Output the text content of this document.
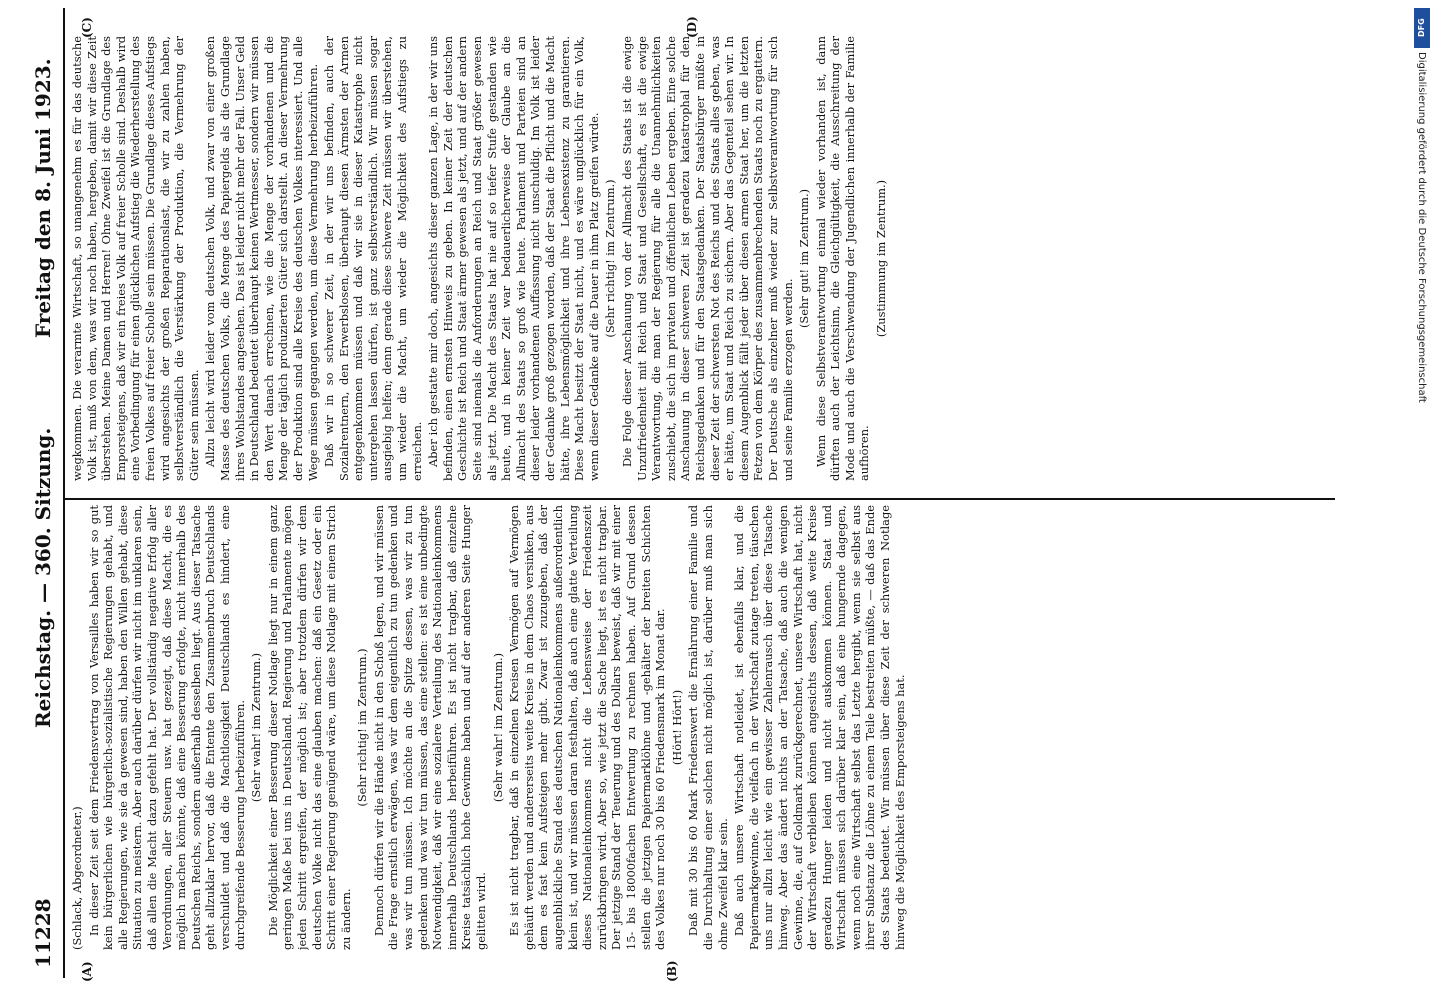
11228
Reichstag. — 360. Sitzung.
Freitag den 8. Juni 1923.
(A)	(B)
(C)	(D)

(Schlack, Abgeordneter.) In dieser Zeit seit dem Friedensvertrag von Versailles haben wir so gut kein bürgerlichen wie bürgerlich-sozialistische Regierungen gehabt, und alle Regierungen, wie sie da gewesen sind, haben den Willen gehabt, diese Situation zu meistern. Aber auch darüber dürfen wir nicht im unklaren sein, daß allen die Macht dazu gefehlt hat. Der vollständig negative Erfolg aller Verordnungen, aller Steuern usw. hat gezeigt, daß diese Macht, die es möglich machen könnte, daß eine Besserung erfolgte, nicht innerhalb des Deutschen Reichs, sondern außerhalb desselben liegt. Aus dieser Tatsache geht allzuklar hervor, daß die Entente den Zusammenbruch Deutschlands verschuldet und daß die Machtlosigkeit Deutschlands es hindert, eine durchgreifende Besserung herbeizuführen. (Sehr wahr! im Zentrum.) Die Möglichkeit einer Besserung dieser Notlage liegt nur in einem ganz geringen Maße bei uns in Deutschland. Regierung und Parlamente mögen jeden Schritt ergreifen, der möglich ist; aber trotzdem dürfen wir dem deutschen Volke nicht das eine glauben machen: daß ein Gesetz oder ein Schritt einer Regierung genügend wäre, um diese Notlage mit einem Strich zu ändern.

(Sehr richtig! im Zentrum.) Dennoch dürfen wir die Hände nicht in den Schoß legen, und wir müssen die Frage ernstlich erwägen, was wir dem eigentlich zu tun gedenken und was wir tun müssen. Ich möchte an die Spitze dessen, was wir zu tun gedenken und was wir tun müssen, das eine stellen: es ist eine unbedingte Notwendigkeit, daß wir eine sozialere Verteilung des Nationaleinkommens innerhalb Deutschlands herbeiführen. Es ist nicht tragbar, daß einzelne Kreise tatsächlich hohe Gewinne haben und auf der anderen Seite Hunger gelitten wird.

(Sehr wahr! im Zentrum.) Es ist nicht tragbar, daß in einzelnen Kreisen Vermögen auf Vermögen gehäuft werden und andererseits weite Kreise in dem Chaos versinken, aus dem es fast kein Aufsteigen mehr gibt. Zwar ist zuzugeben, daß der augenblickliche Stand des deutschen Nationaleinkommens außerordentlich klein ist, und wir müssen daran festhalten, daß auch eine glatte Verteilung dieses Nationaleinkommens nicht die Lebensweise der Friedenszeit zurückbringen wird. Aber so, wie jetzt die Sache liegt, ist es nicht tragbar. Der jetzige Stand der Teuerung und des Dollars beweist, daß wir mit einer 15- bis 18000fachen Entwertung zu rechnen haben. Auf Grund dessen stellen die jetzigen Papiermarklöhne und -gehälter der breiten Schichten des Volkes nur noch 30 bis 60 Friedensmark im Monat dar. (Hört! Hört!) Daß mit 30 bis 60 Mark Friedenswert die Ernährung einer Familie und die Durchhaltung einer solchen nicht möglich ist, darüber muß man sich ohne Zweifel klar sein. Daß auch unsere Wirtschaft notleidet, ist ebenfalls klar, und die Papiermarkgewinne, die vielfach in der Wirtschaft zutage treten, täuschen uns nur allzu leicht wie ein gewisser Zahlenrausch über diese Tatsache hinweg. Aber das ändert nichts an der Tatsache, daß auch die wenigen Gewinne, die, auf Goldmark zurückgerechnet, unsere Wirtschaft hat, nicht der Wirtschaft verbleiben können angesichts dessen, daß weite Kreise geradezu Hunger leiden und nicht auskommen können. Staat und Wirtschaft müssen sich darüber klar sein, daß eine hungernde dagegen, wenn noch eine Wirtschaft selbst das Letzte hergibt, wenn sie selbst aus ihrer Substanz die Löhne zu einem Teile bestreiten müßte, — daß das Ende des Staats bedeutet. Wir müssen über diese Zeit der schweren Notlage hinweg die Möglichkeit des Emporsteigens hat.

wegkommen. Die verarmte Wirtschaft, so unangenehm es für das deutsche Volk ist, muß von dem, was wir noch haben, hergeben, damit wir diese Zeit überstehen. Meine Damen und Herren! Ohne Zweifel ist die Grundlage des Emporsteigens, daß wir ein freies Volk auf freier Scholle sind. Deshalb wird eine Vorbedingung für einen glücklichen Aufstieg die Wiederherstellung des freien Volkes auf freier Scholle sein müssen. Die Grundlage dieses Aufstiegs wird angesichts der großen Reparationslast, die wir zu zahlen haben, selbstverständlich die Verstärkung der Produktion, die Vermehrung der Güter sein müssen. Allzu leicht wird leider vom deutschen Volk, und zwar von einer großen Masse des deutschen Volks, die Menge des Papiergelds als die Grundlage ihres Wohlstandes angesehen. Das ist leider nicht mehr der Fall. Unser Geld in Deutschland bedeutet überhaupt keinen Wertmesser, sondern wir müssen den Wert danach errechnen, wie die Menge der vorhandenen und die Menge der täglich produzierten Güter sich darstellt. An dieser Vermehrung der Produktion sind alle Kreise des deutschen Volkes interessiert. Und alle Wege müssen gegangen werden, um diese Vermehrung herbeizuführen. Daß wir in so schwerer Zeit, in der wir uns befinden, auch der Sozialrentnern, den Erwerbslosen, überhaupt diesen Ärmsten der Armen entgegenkommen müssen und daß wir sie in dieser Katastrophe nicht untergehen lassen dürfen, ist ganz selbstverständlich. Wir müssen sogar ausgiebig helfen; denn gerade diese schwere Zeit müssen wir überstehen, um wieder die Macht, um wieder die Möglichkeit des Aufstiegs zu erreichen. Aber ich gestatte mir doch, angesichts dieser ganzen Lage, in der wir uns befinden, einen ernsten Hinweis zu geben. In keiner Zeit der deutschen Geschichte ist Reich und Staat ärmer gewesen als jetzt, und auf der andern Seite sind niemals die Anforderungen an Reich und Staat größer gewesen als jetzt. Die Macht des Staats hat nie auf so tiefer Stufe gestanden wie heute, und in keiner Zeit war bedauerlicherweise der Glaube an die Allmacht des Staats so groß wie heute. Parlament und Parteien sind an dieser leider vorhandenen Auffassung nicht unschuldig. Im Volk ist leider der Gedanke groß gezogen worden, daß der Staat die Pflicht und die Macht hätte, ihre Lebensmöglichkeit und ihre Lebensexistenz zu garantieren. Diese Macht besitzt der Staat nicht, und es wäre unglücklich für ein Volk, wenn dieser Gedanke auf die Dauer in ihm Platz greifen würde. (Sehr richtig! im Zentrum.) Die Folge dieser Anschauung von der Allmacht des Staats ist die ewige Unzufriedenheit mit Reich und Staat und Gesellschaft, es ist die ewige Verantwortung, die man der Regierung für alle die Unannehmlichkeiten zuschiebt, die sich im privaten und öffentlichen Leben ergeben. Eine solche Anschauung in dieser schweren Zeit ist geradezu katastrophal für den Reichsgedanken und für den Staatsgedanken. Der Staatsbürger müßte in dieser Zeit der schwersten Not des Reichs und des Staats alles geben, was er hätte, um Staat und Reich zu sichern. Aber das Gegenteil sehen wir. In diesem Augenblick fällt jeder über diesen armen Staat her, um die letzten Fetzen von dem Körper des zusammenbrechenden Staats noch zu ergattern. Der Deutsche als einzelner muß wieder zur Selbstverantwortung für sich und seine Familie erzogen werden.

(Sehr gut! im Zentrum.) Wenn diese Selbstverantwortung einmal wieder vorhanden ist, dann dürften auch der Leichtsinn, die Gleichgültigkeit, die Ausschreitung der Mode und auch die Verschwendung der Jugendlichen innerhalb der Familie aufhören.

(Zustimmung im Zentrum.)

DFG
Digitalisierung gefördert durch die Deutsche Forschungsgemeinschaft
